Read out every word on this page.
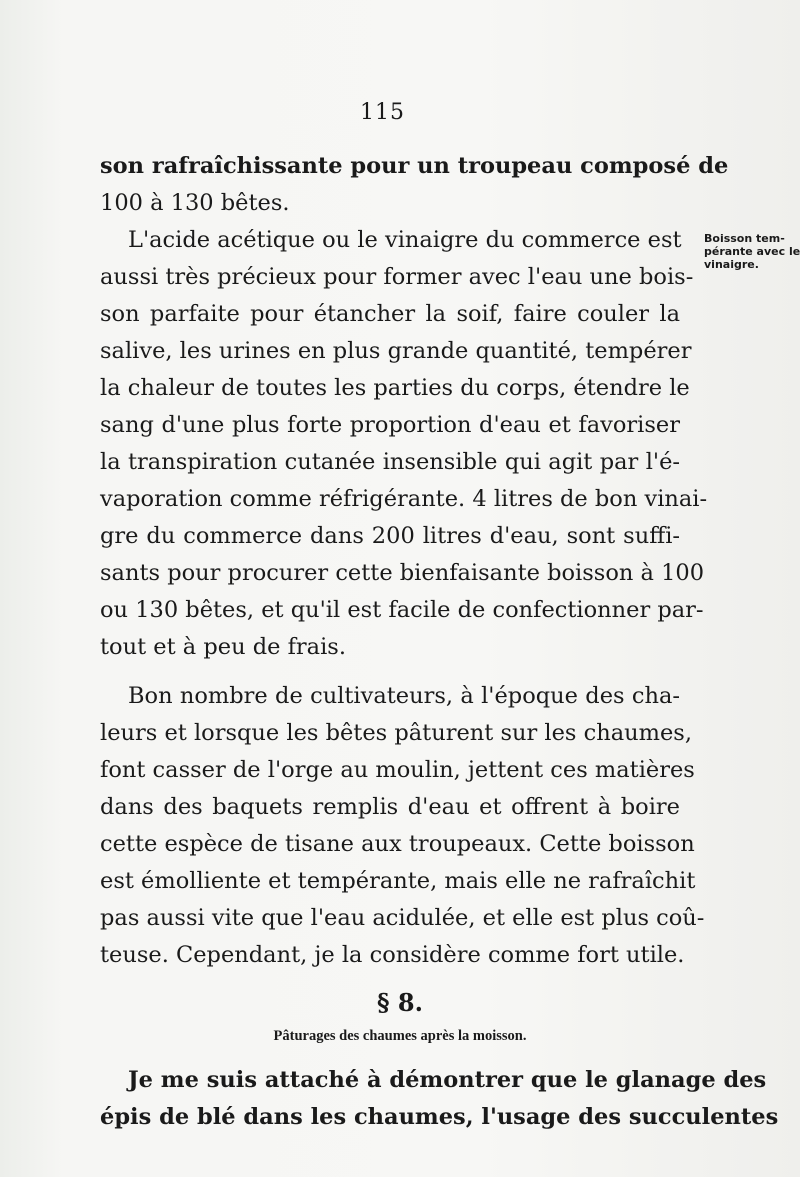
115
son rafraîchissante pour un troupeau composé de
100 à 130 bêtes.
L'acide acétique ou le vinaigre du commerce est
aussi très précieux pour former avec l'eau une bois-
son parfaite pour étancher la soif, faire couler la
salive, les urines en plus grande quantité, tempérer
la chaleur de toutes les parties du corps, étendre le
sang d'une plus forte proportion d'eau et favoriser
la transpiration cutanée insensible qui agit par l'é-
vaporation comme réfrigérante. 4 litres de bon vinai-
gre du commerce dans 200 litres d'eau, sont suffi-
sants pour procurer cette bienfaisante boisson à 100
ou 130 bêtes, et qu'il est facile de confectionner par-
tout et à peu de frais.
Boisson tem-
pérante avec le
vinaigre.
Bon nombre de cultivateurs, à l'époque des cha-
leurs et lorsque les bêtes pâturent sur les chaumes,
font casser de l'orge au moulin, jettent ces matières
dans des baquets remplis d'eau et offrent à boire
cette espèce de tisane aux troupeaux. Cette boisson
est émolliente et tempérante, mais elle ne rafraîchit
pas aussi vite que l'eau acidulée, et elle est plus coû-
teuse. Cependant, je la considère comme fort utile.
§ 8.
Pâturages des chaumes après la moisson.
Je me suis attaché à démontrer que le glanage des
épis de blé dans les chaumes, l'usage des succulentes
